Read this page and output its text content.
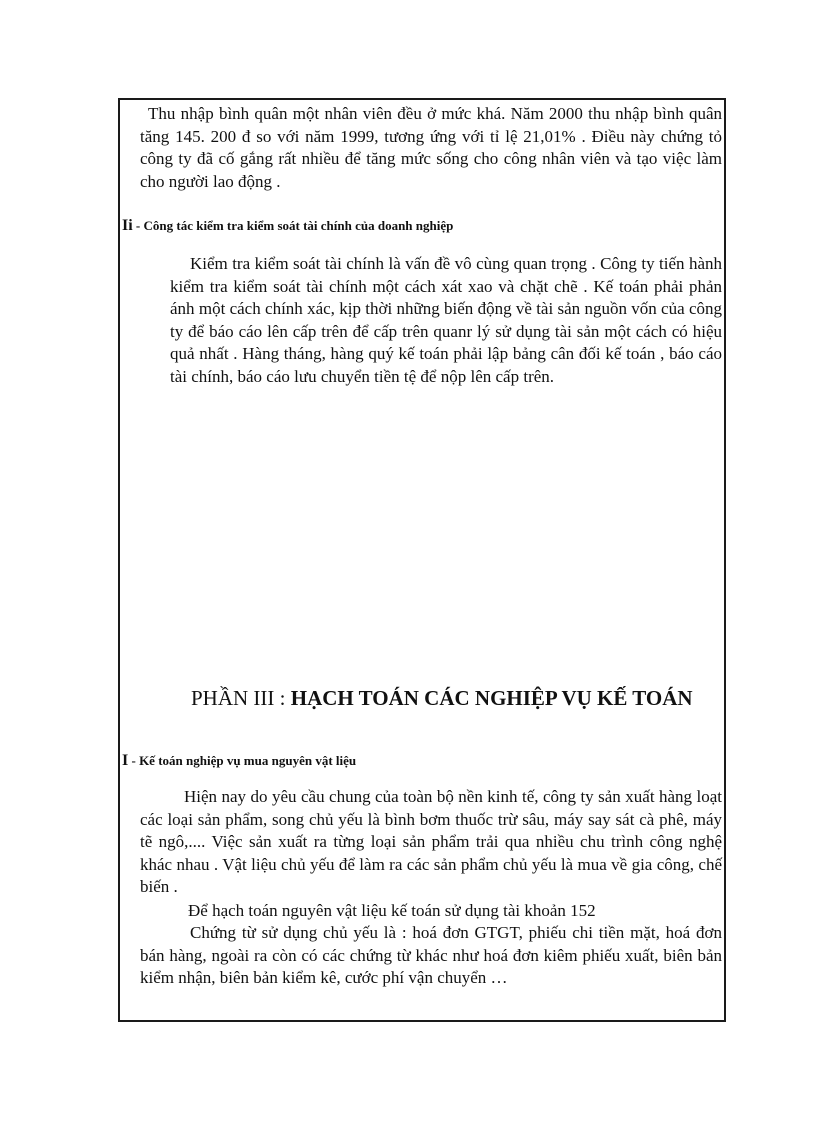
Thu nhập bình quân một nhân viên đều ở mức khá. Năm 2000 thu nhập bình quân tăng 145. 200 đ so với năm 1999, tương ứng với tỉ lệ 21,01% . Điều này chứng tỏ công ty đã cố gắng rất nhiều để tăng mức sống cho công nhân viên và tạo việc làm cho người lao động .

Ii - Công tác kiểm tra kiểm soát tài chính của doanh nghiệp

Kiểm tra kiểm soát tài chính là vấn đề vô cùng quan trọng . Công ty tiến hành kiểm tra kiểm soát tài chính một cách xát xao và chặt chẽ . Kế toán phải phản ánh một cách chính xác, kịp thời những biến động về tài sản nguồn vốn của công ty để báo cáo lên cấp trên để cấp trên quanr lý sử dụng tài sản một cách có hiệu quả nhất . Hàng tháng, hàng quý kế toán phải lập bảng cân đối kế toán , báo cáo tài chính, báo cáo lưu chuyển tiền tệ để nộp lên cấp trên.

PHẦN III : HẠCH TOÁN CÁC NGHIỆP VỤ KẾ TOÁN

I - Kế toán nghiệp vụ mua nguyên vật liệu

Hiện nay do yêu cầu chung của toàn bộ nền kinh tế, công ty sản xuất hàng loạt các loại sản phẩm, song chủ yếu là bình bơm thuốc trừ sâu, máy say sát cà phê, máy tẽ ngô,.... Việc sản xuất ra từng loại sản phẩm trải qua nhiều chu trình công nghệ khác nhau . Vật liệu chủ yếu để làm ra các sản phẩm chủ yếu là mua về gia công, chế biến .

Để hạch toán nguyên vật liệu kế toán sử dụng tài khoản 152

Chứng từ sử dụng chủ yếu là : hoá đơn GTGT, phiếu chi tiền mặt, hoá đơn bán hàng, ngoài ra còn có các chứng từ khác như hoá đơn kiêm phiếu xuất, biên bản kiểm nhận, biên bản kiểm kê, cước phí vận chuyển …
